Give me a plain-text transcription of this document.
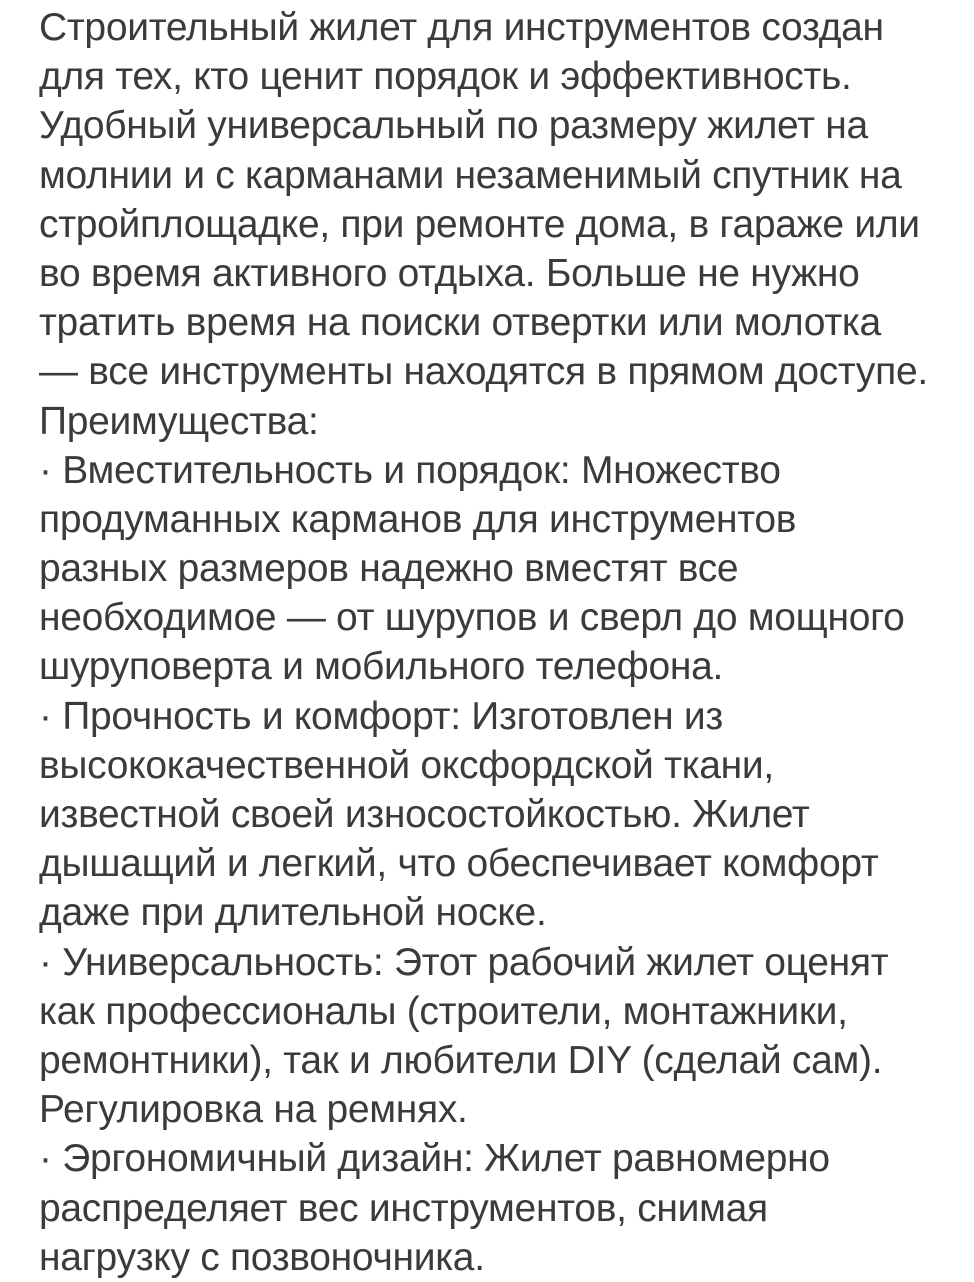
Строительный жилет для инструментов создан
для тех, кто ценит порядок и эффективность.
Удобный универсальный по размеру жилет на
молнии и с карманами незаменимый спутник на
стройплощадке, при ремонте дома, в гараже или
во время активного отдыха. Больше не нужно
тратить время на поиски отвертки или молотка
— все инструменты находятся в прямом доступе.
Преимущества:
· Вместительность и порядок: Множество
продуманных карманов для инструментов
разных размеров надежно вместят все
необходимое — от шурупов и сверл до мощного
шуруповерта и мобильного телефона.
· Прочность и комфорт: Изготовлен из
высококачественной оксфордской ткани,
известной своей износостойкостью. Жилет
дышащий и легкий, что обеспечивает комфорт
даже при длительной носке.
· Универсальность: Этот рабочий жилет оценят
как профессионалы (строители, монтажники,
ремонтники), так и любители DIY (сделай сам).
Регулировка на ремнях.
· Эргономичный дизайн: Жилет равномерно
распределяет вес инструментов, снимая
нагрузку с позвоночника.
